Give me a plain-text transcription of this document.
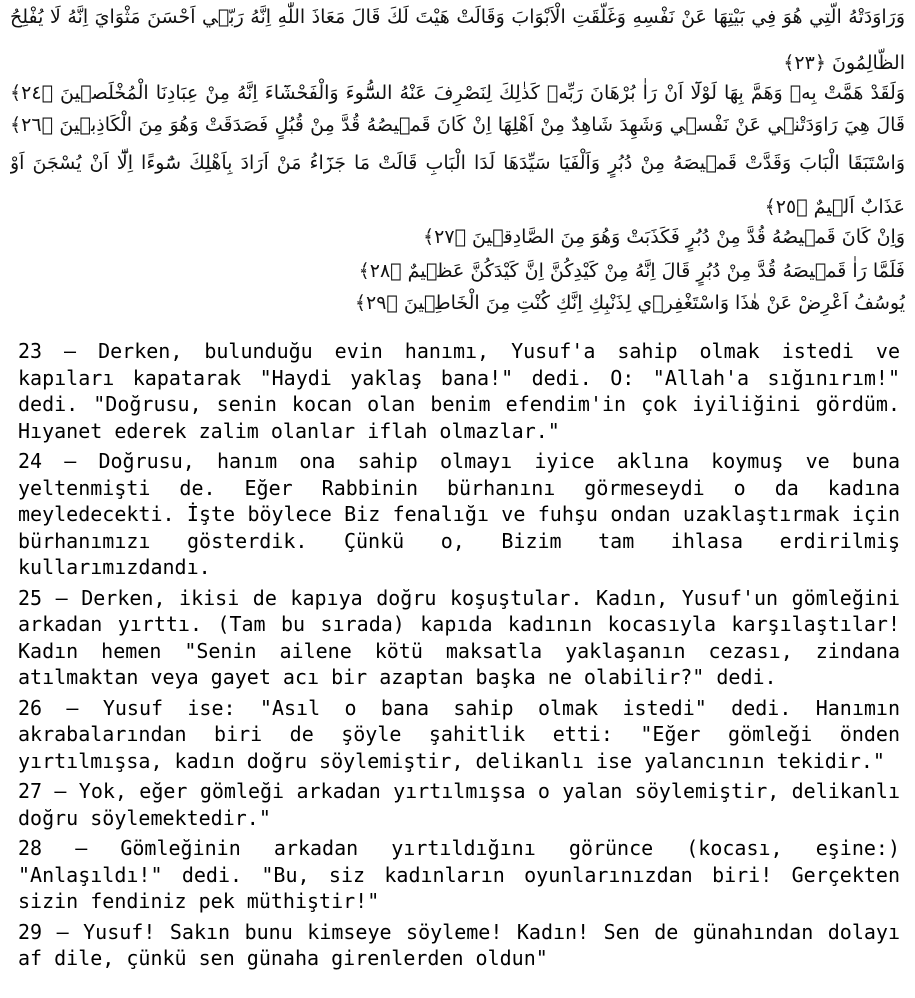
وَرَاوَدَتْهُ الَّتِي هُوَ فِي بَيْتِهَا عَنْ نَفْسِهِ وَغَلَّقَتِ الْاَبْوَابَ وَقَالَتْ هَيْتَ لَكَ قَالَ مَعَاذَ اللّٰهِ اِنَّهُ رَبّ۪ي اَحْسَنَ مَثْوَايَ اِنَّهُ لَا يُفْلِحُ
الظَّالِمُونَ ﴿٢٣﴾
وَلَقَدْ هَمَّتْ بِه۪ وَهَمَّ بِهَا لَوْلَٓا اَنْ رَاٰ بُرْهَانَ رَبِّه۪ كَذٰلِكَ لِنَصْرِفَ عَنْهُ السُّٓوءَ وَالْفَحْشَٓاءَ اِنَّهُ مِنْ عِبَادِنَا الْمُخْلَص۪ينَ ﴿٢٤﴾
قَالَ هِيَ رَاوَدَتْن۪ي عَنْ نَفْس۪ي وَشَهِدَ شَاهِدٌ مِنْ اَهْلِهَا اِنْ كَانَ قَم۪يصُهُ قُدَّ مِنْ قُبُلٍ فَصَدَقَتْ وَهُوَ مِنَ الْكَاذِب۪ينَ ﴿٢٦﴾
وَاسْتَبَقَا الْبَابَ وَقَدَّتْ قَم۪يصَهُ مِنْ دُبُرٍ وَاَلْفَيَا سَيِّدَهَا لَدَا الْبَابِ قَالَتْ مَا جَزَٓاءُ مَنْ اَرَادَ بِاَهْلِكَ سُٓوءًا اِلَّٓا اَنْ يُسْجَنَ اَوْ
عَذَابٌ اَل۪يمٌ ﴿٢٥﴾
وَاِنْ كَانَ قَم۪يصُهُ قُدَّ مِنْ دُبُرٍ فَكَذَبَتْ وَهُوَ مِنَ الصَّادِق۪ينَ ﴿٢٧﴾
فَلَمَّا رَاٰ قَم۪يصَهُ قُدَّ مِنْ دُبُرٍ قَالَ اِنَّهُ مِنْ كَيْدِكُنَّ اِنَّ كَيْدَكُنَّ عَظ۪يمٌ ﴿٢٨﴾
يُوسُفُ اَعْرِضْ عَنْ هٰذَا وَاسْتَغْفِر۪ي لِذَنْبِكِ اِنَّكِ كُنْتِ مِنَ الْخَاطِ۪ينَ ﴿٢٩﴾

23 – Derken, bulunduğu evin hanımı, Yusuf'a sahip olmak istedi ve kapıları kapatarak "Haydi yaklaş bana!" dedi. O: "Allah'a sığınırım!" dedi. "Doğrusu, senin kocan olan benim efendim'in çok iyiliğini gördüm. Hıyanet ederek zalim olanlar iflah olmazlar."

24 – Doğrusu, hanım ona sahip olmayı iyice aklına koymuş ve buna yeltenmişti de. Eğer Rabbinin bürhanını görmeseydi o da kadına meyledecekti. İşte böylece Biz fenalığı ve fuhşu ondan uzaklaştırmak için bürhanımızı gösterdik. Çünkü o, Bizim tam ihlasa erdirilmiş kullarımızdandı.

25 – Derken, ikisi de kapıya doğru koşuştular. Kadın, Yusuf'un gömleğini arkadan yırttı. (Tam bu sırada) kapıda kadının kocasıyla karşılaştılar! Kadın hemen "Senin ailene kötü maksatla yaklaşanın cezası, zindana atılmaktan veya gayet acı bir azaptan başka ne olabilir?" dedi.

26 – Yusuf ise: "Asıl o bana sahip olmak istedi" dedi. Hanımın akrabalarından biri de şöyle şahitlik etti: "Eğer gömleği önden yırtılmışsa, kadın doğru söylemiştir, delikanlı ise yalancının tekidir."

27 – Yok, eğer gömleği arkadan yırtılmışsa o yalan söylemiştir, delikanlı doğru söylemektedir."

28 – Gömleğinin arkadan yırtıldığını görünce (kocası, eşine:) "Anlaşıldı!" dedi. "Bu, siz kadınların oyunlarınızdan biri! Gerçekten sizin fendiniz pek müthiştir!"

29 – Yusuf! Sakın bunu kimseye söyleme! Kadın! Sen de günahından dolayı af dile, çünkü sen günaha girenlerden oldun"
